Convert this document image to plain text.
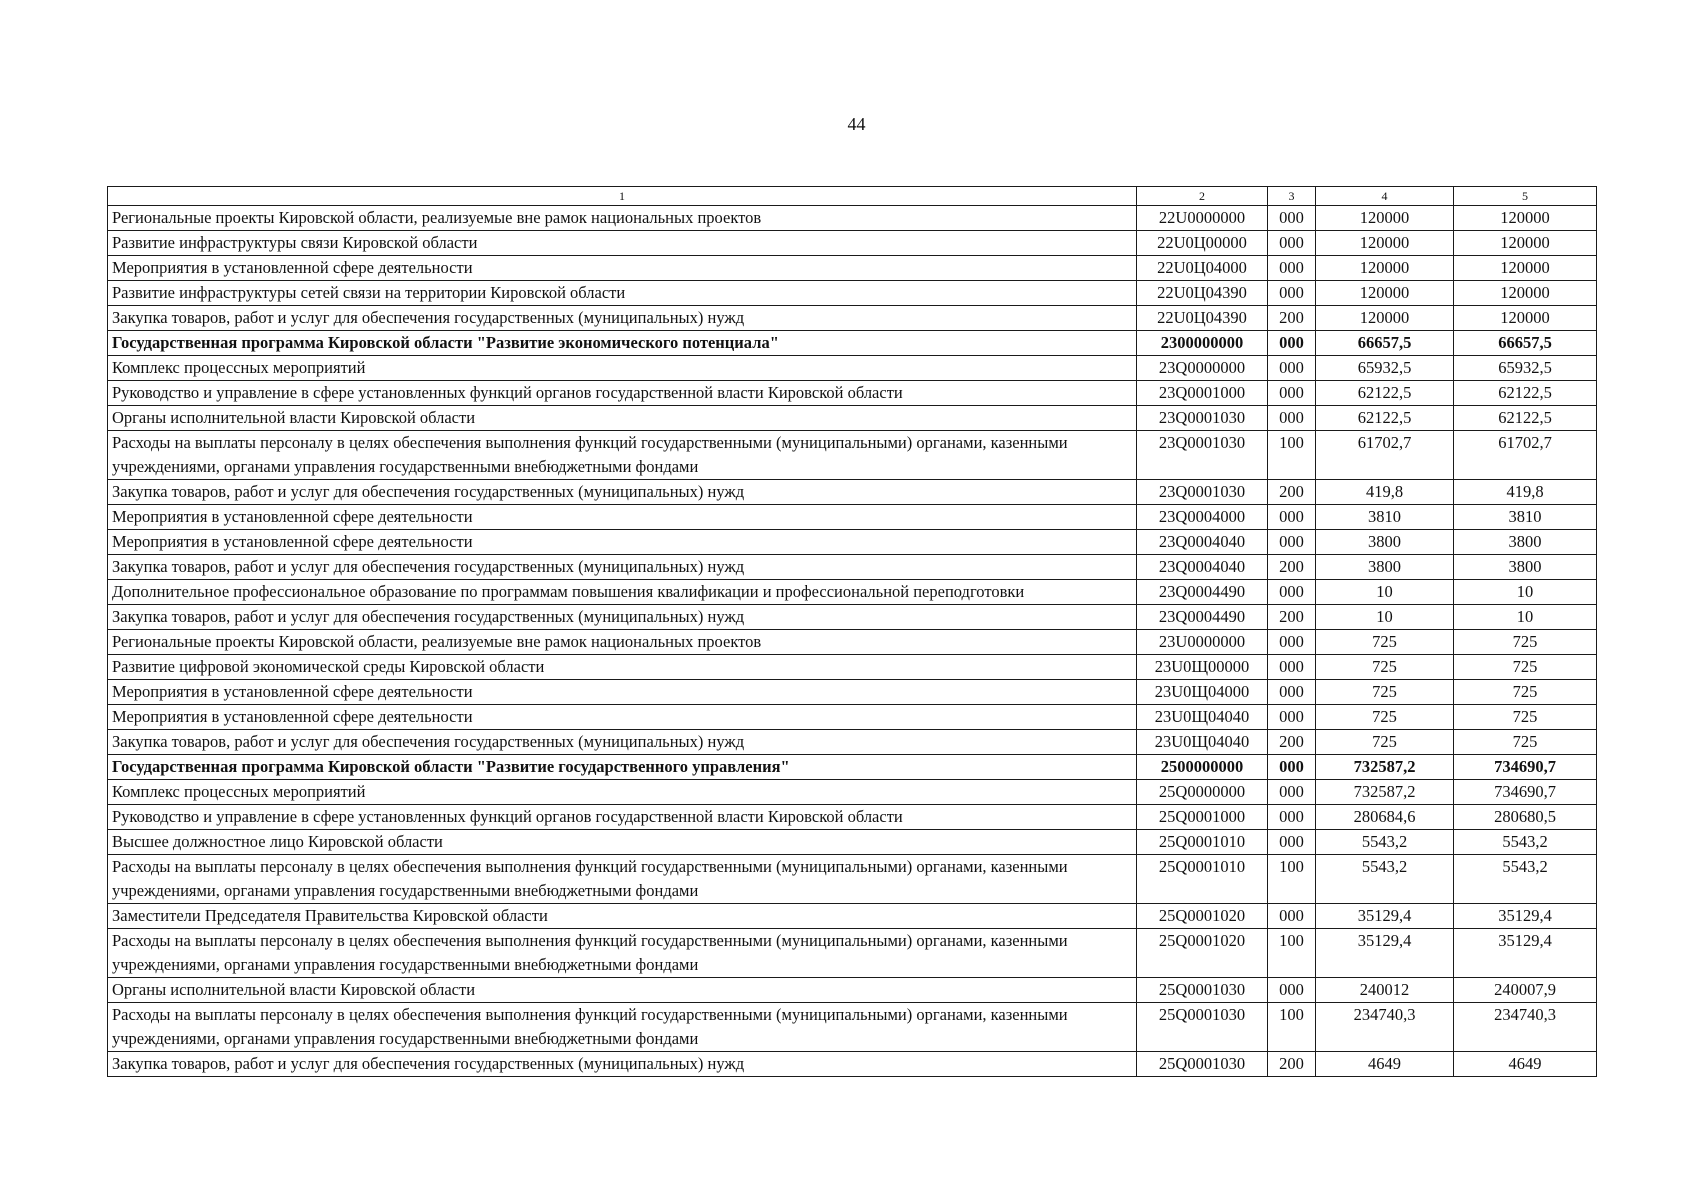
44
1	2	3	4	5
Региональные проекты Кировской области, реализуемые вне рамок национальных проектов	22U0000000	000	120000	120000
Развитие инфраструктуры связи Кировской области	22U0Ц00000	000	120000	120000
Мероприятия в установленной сфере деятельности	22U0Ц04000	000	120000	120000
Развитие инфраструктуры сетей связи на территории Кировской области	22U0Ц04390	000	120000	120000
Закупка товаров, работ и услуг для обеспечения государственных (муниципальных) нужд	22U0Ц04390	200	120000	120000
Государственная программа Кировской области "Развитие экономического потенциала"	2300000000	000	66657,5	66657,5
Комплекс процессных мероприятий	23Q0000000	000	65932,5	65932,5
Руководство и управление в сфере установленных функций органов государственной власти Кировской области	23Q0001000	000	62122,5	62122,5
Органы исполнительной власти Кировской области	23Q0001030	000	62122,5	62122,5
Расходы на выплаты персоналу в целях обеспечения выполнения функций государственными (муниципальными) органами, казенными учреждениями, органами управления государственными внебюджетными фондами	23Q0001030	100	61702,7	61702,7
Закупка товаров, работ и услуг для обеспечения государственных (муниципальных) нужд	23Q0001030	200	419,8	419,8
Мероприятия в установленной сфере деятельности	23Q0004000	000	3810	3810
Мероприятия в установленной сфере деятельности	23Q0004040	000	3800	3800
Закупка товаров, работ и услуг для обеспечения государственных (муниципальных) нужд	23Q0004040	200	3800	3800
Дополнительное профессиональное образование по программам повышения квалификации и профессиональной переподготовки	23Q0004490	000	10	10
Закупка товаров, работ и услуг для обеспечения государственных (муниципальных) нужд	23Q0004490	200	10	10
Региональные проекты Кировской области, реализуемые вне рамок национальных проектов	23U0000000	000	725	725
Развитие цифровой экономической среды Кировской области	23U0Щ00000	000	725	725
Мероприятия в установленной сфере деятельности	23U0Щ04000	000	725	725
Мероприятия в установленной сфере деятельности	23U0Щ04040	000	725	725
Закупка товаров, работ и услуг для обеспечения государственных (муниципальных) нужд	23U0Щ04040	200	725	725
Государственная программа Кировской области "Развитие государственного управления"	2500000000	000	732587,2	734690,7
Комплекс процессных мероприятий	25Q0000000	000	732587,2	734690,7
Руководство и управление в сфере установленных функций органов государственной власти Кировской области	25Q0001000	000	280684,6	280680,5
Высшее должностное лицо Кировской области	25Q0001010	000	5543,2	5543,2
Расходы на выплаты персоналу в целях обеспечения выполнения функций государственными (муниципальными) органами, казенными учреждениями, органами управления государственными внебюджетными фондами	25Q0001010	100	5543,2	5543,2
Заместители Председателя Правительства Кировской области	25Q0001020	000	35129,4	35129,4
Расходы на выплаты персоналу в целях обеспечения выполнения функций государственными (муниципальными) органами, казенными учреждениями, органами управления государственными внебюджетными фондами	25Q0001020	100	35129,4	35129,4
Органы исполнительной власти Кировской области	25Q0001030	000	240012	240007,9
Расходы на выплаты персоналу в целях обеспечения выполнения функций государственными (муниципальными) органами, казенными учреждениями, органами управления государственными внебюджетными фондами	25Q0001030	100	234740,3	234740,3
Закупка товаров, работ и услуг для обеспечения государственных (муниципальных) нужд	25Q0001030	200	4649	4649
